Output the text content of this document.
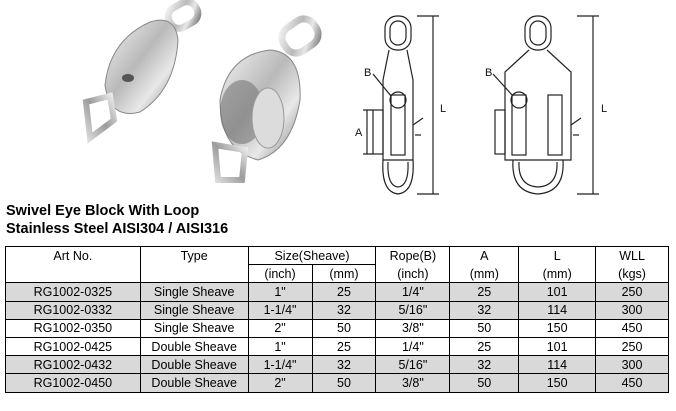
B	B
A
L	L
Swivel Eye Block With Loop
Stainless Steel AISI304 / AISI316
Art No.	Type	Size(Sheave)		Rope(B)	A	L	WLL
		(inch)	(mm)	(inch)	(mm)	(mm)	(kgs)
RG1002-0325	Single Sheave	1"	25	1/4"	25	101	250
RG1002-0332	Single Sheave	1-1/4"	32	5/16"	32	114	300
RG1002-0350	Single Sheave	2"	50	3/8"	50	150	450
RG1002-0425	Double Sheave	1"	25	1/4"	25	101	250
RG1002-0432	Double Sheave	1-1/4"	32	5/16"	32	114	300
RG1002-0450	Double Sheave	2"	50	3/8"	50	150	450
